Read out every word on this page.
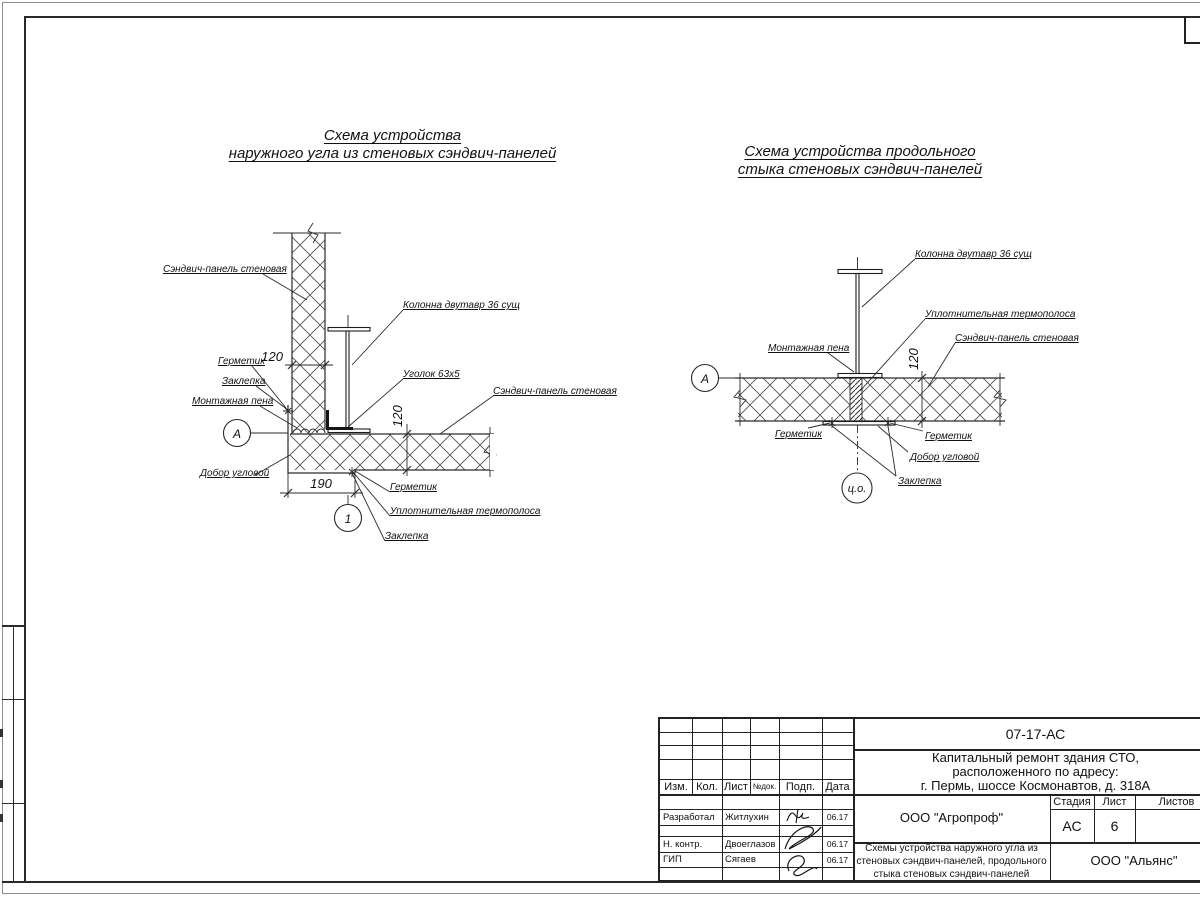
Схема устройства
наружного угла из стеновых сэндвич-панелей	Схема устройства продольного
стыка стеновых сэндвич-панелей
120
120
190
А
1
Сэндвич-панель стеновая
Колонна двутавр 36 сущ
Герметик
Заклепка
Монтажная пена
Уголок 63х5
Сэндвич-панель стеновая
Добор угловой
Герметик
Уплотнительная термополоса
Заклепка
120
А
ц.о.
Колонна двутавр 36 сущ
Уплотнительная термополоса
Сэндвич-панель стеновая
Монтажная пена
Герметик	Герметик
Добор угловой
Заклепка
Изм. Кол. Лист №док. Подп. Дата
Разработал	Житлухин	06.17
Н. контр.	Двоеглазов	06.17
ГИП	Сягаев	06.17
07-17-АС
Капитальный ремонт здания СТО,
расположенного по адресу:
г. Пермь, шоссе Космонавтов, д. 318А
ООО "Агропроф"
Схемы устройства наружного угла из
стеновых сэндвич-панелей, продольного
стыка стеновых сэндвич-панелей
Стадия	Лист	Листов
АС	6
ООО "Альянс"
